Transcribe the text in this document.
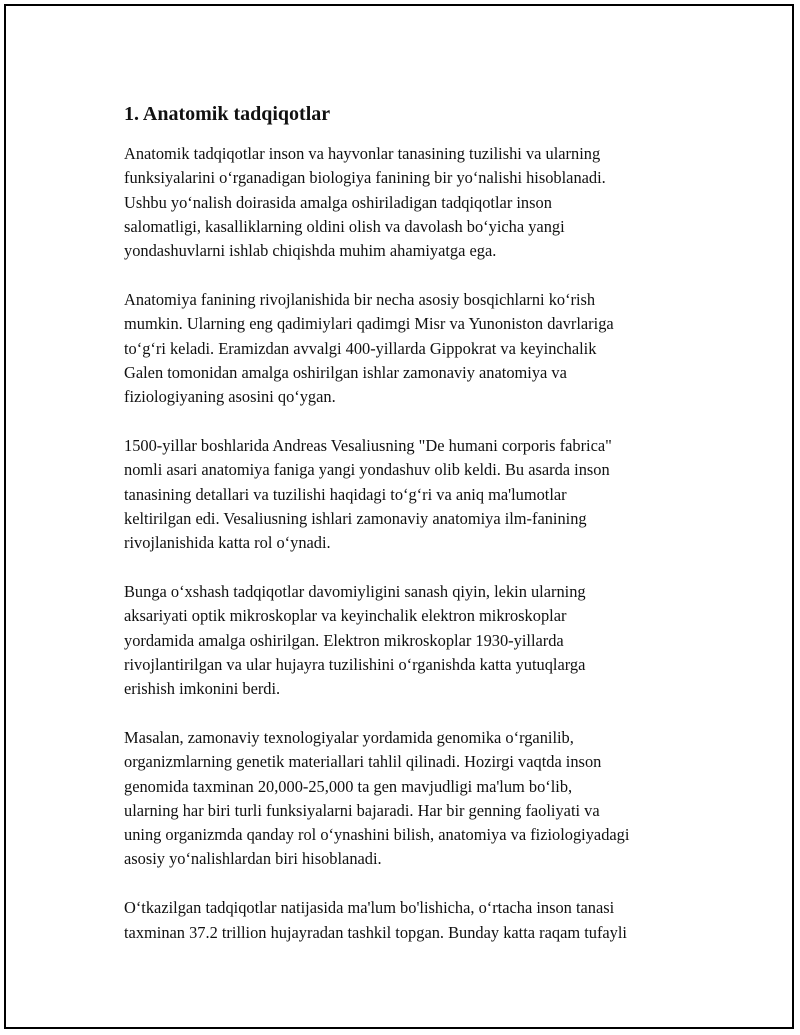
1. Anatomik tadqiqotlar

Anatomik tadqiqotlar inson va hayvonlar tanasining tuzilishi va ularning
funksiyalarini o‘rganadigan biologiya fanining bir yo‘nalishi hisoblanadi.
Ushbu yo‘nalish doirasida amalga oshiriladigan tadqiqotlar inson
salomatligi, kasalliklarning oldini olish va davolash bo‘yicha yangi
yondashuvlarni ishlab chiqishda muhim ahamiyatga ega.

Anatomiya fanining rivojlanishida bir necha asosiy bosqichlarni ko‘rish
mumkin. Ularning eng qadimiylari qadimgi Misr va Yunoniston davrlariga
to‘g‘ri keladi. Eramizdan avvalgi 400-yillarda Gippokrat va keyinchalik
Galen tomonidan amalga oshirilgan ishlar zamonaviy anatomiya va
fiziologiyaning asosini qo‘ygan.

1500-yillar boshlarida Andreas Vesaliusning "De humani corporis fabrica"
nomli asari anatomiya faniga yangi yondashuv olib keldi. Bu asarda inson
tanasining detallari va tuzilishi haqidagi to‘g‘ri va aniq ma'lumotlar
keltirilgan edi. Vesaliusning ishlari zamonaviy anatomiya ilm-fanining
rivojlanishida katta rol o‘ynadi.

Bunga o‘xshash tadqiqotlar davomiyligini sanash qiyin, lekin ularning
aksariyati optik mikroskoplar va keyinchalik elektron mikroskoplar
yordamida amalga oshirilgan. Elektron mikroskoplar 1930-yillarda
rivojlantirilgan va ular hujayra tuzilishini o‘rganishda katta yutuqlarga
erishish imkonini berdi.

Masalan, zamonaviy texnologiyalar yordamida genomika o‘rganilib,
organizmlarning genetik materiallari tahlil qilinadi. Hozirgi vaqtda inson
genomida taxminan 20,000-25,000 ta gen mavjudligi ma'lum bo‘lib,
ularning har biri turli funksiyalarni bajaradi. Har bir genning faoliyati va
uning organizmda qanday rol o‘ynashini bilish, anatomiya va fiziologiyadagi
asosiy yo‘nalishlardan biri hisoblanadi.

O‘tkazilgan tadqiqotlar natijasida ma'lum bo'lishicha, o‘rtacha inson tanasi
taxminan 37.2 trillion hujayradan tashkil topgan. Bunday katta raqam tufayli
